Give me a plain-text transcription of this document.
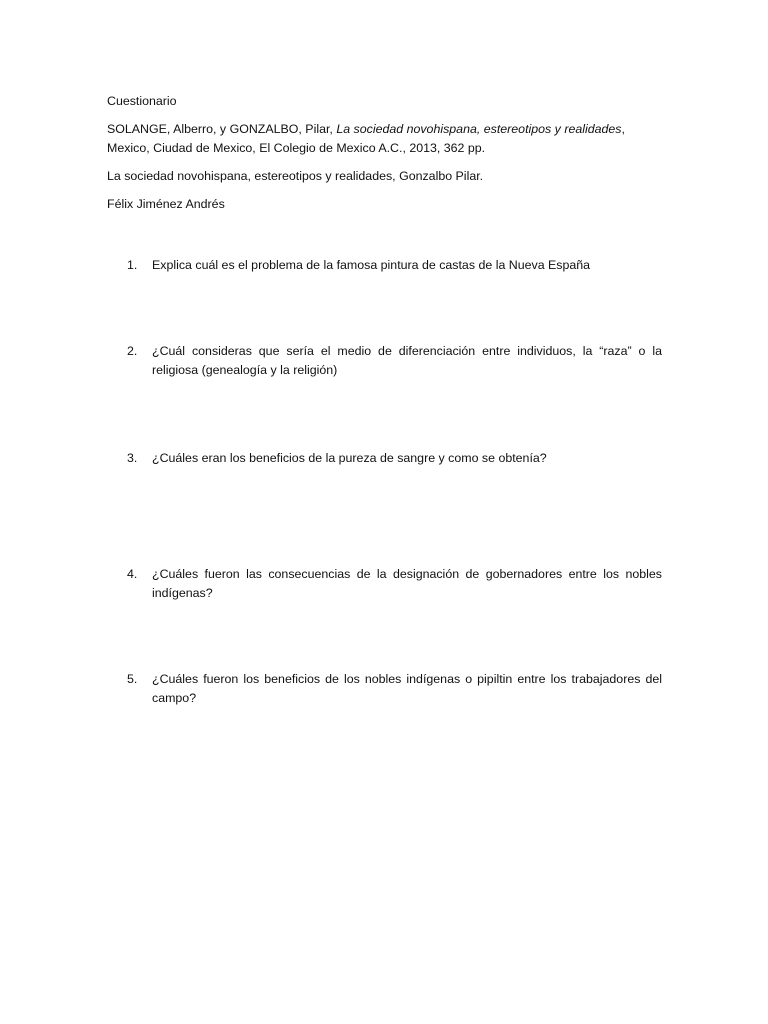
Cuestionario

SOLANGE, Alberro, y GONZALBO, Pilar, La sociedad novohispana, estereotipos y realidades, Mexico, Ciudad de Mexico, El Colegio de Mexico A.C., 2013, 362 pp.

La sociedad novohispana, estereotipos y realidades, Gonzalbo Pilar.

Félix Jiménez Andrés

1.	Explica cuál es el problema de la famosa pintura de castas de la Nueva España
2.	¿Cuál consideras que sería el medio de diferenciación entre individuos, la “raza” o la religiosa (genealogía y la religión)
3.	¿Cuáles eran los beneficios de la pureza de sangre y como se obtenía?
4.	¿Cuáles fueron las consecuencias de la designación de gobernadores entre los nobles indígenas?
5.	¿Cuáles fueron los beneficios de los nobles indígenas o pipiltin entre los trabajadores del campo?
